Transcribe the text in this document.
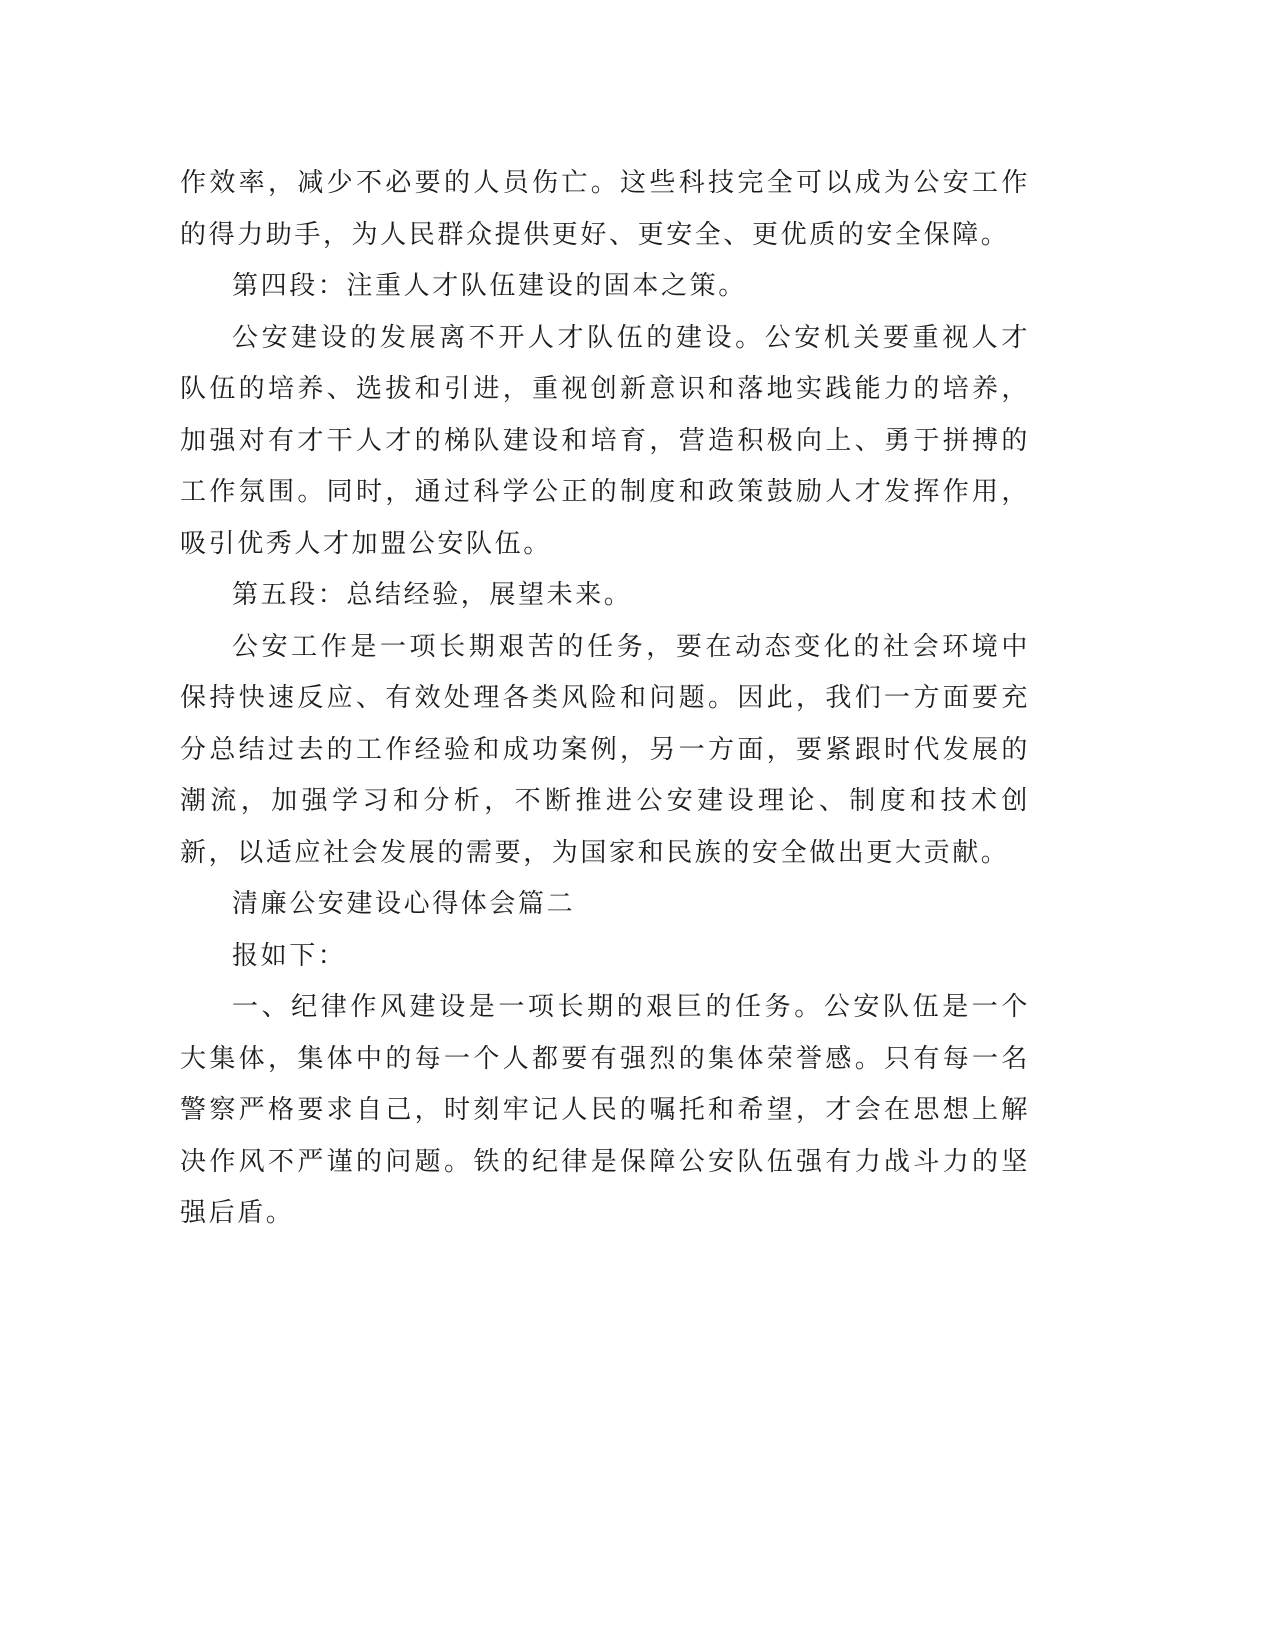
作效率，减少不必要的人员伤亡。这些科技完全可以成为公安工作的得力助手，为人民群众提供更好、更安全、更优质的安全保障。

第四段：注重人才队伍建设的固本之策。

公安建设的发展离不开人才队伍的建设。公安机关要重视人才队伍的培养、选拔和引进，重视创新意识和落地实践能力的培养，加强对有才干人才的梯队建设和培育，营造积极向上、勇于拼搏的工作氛围。同时，通过科学公正的制度和政策鼓励人才发挥作用，吸引优秀人才加盟公安队伍。

第五段：总结经验，展望未来。

公安工作是一项长期艰苦的任务，要在动态变化的社会环境中保持快速反应、有效处理各类风险和问题。因此，我们一方面要充分总结过去的工作经验和成功案例，另一方面，要紧跟时代发展的潮流，加强学习和分析，不断推进公安建设理论、制度和技术创新，以适应社会发展的需要，为国家和民族的安全做出更大贡献。

清廉公安建设心得体会篇二

报如下：

一、纪律作风建设是一项长期的艰巨的任务。公安队伍是一个大集体，集体中的每一个人都要有强烈的集体荣誉感。只有每一名警察严格要求自己，时刻牢记人民的嘱托和希望，才会在思想上解决作风不严谨的问题。铁的纪律是保障公安队伍强有力战斗力的坚强后盾。
